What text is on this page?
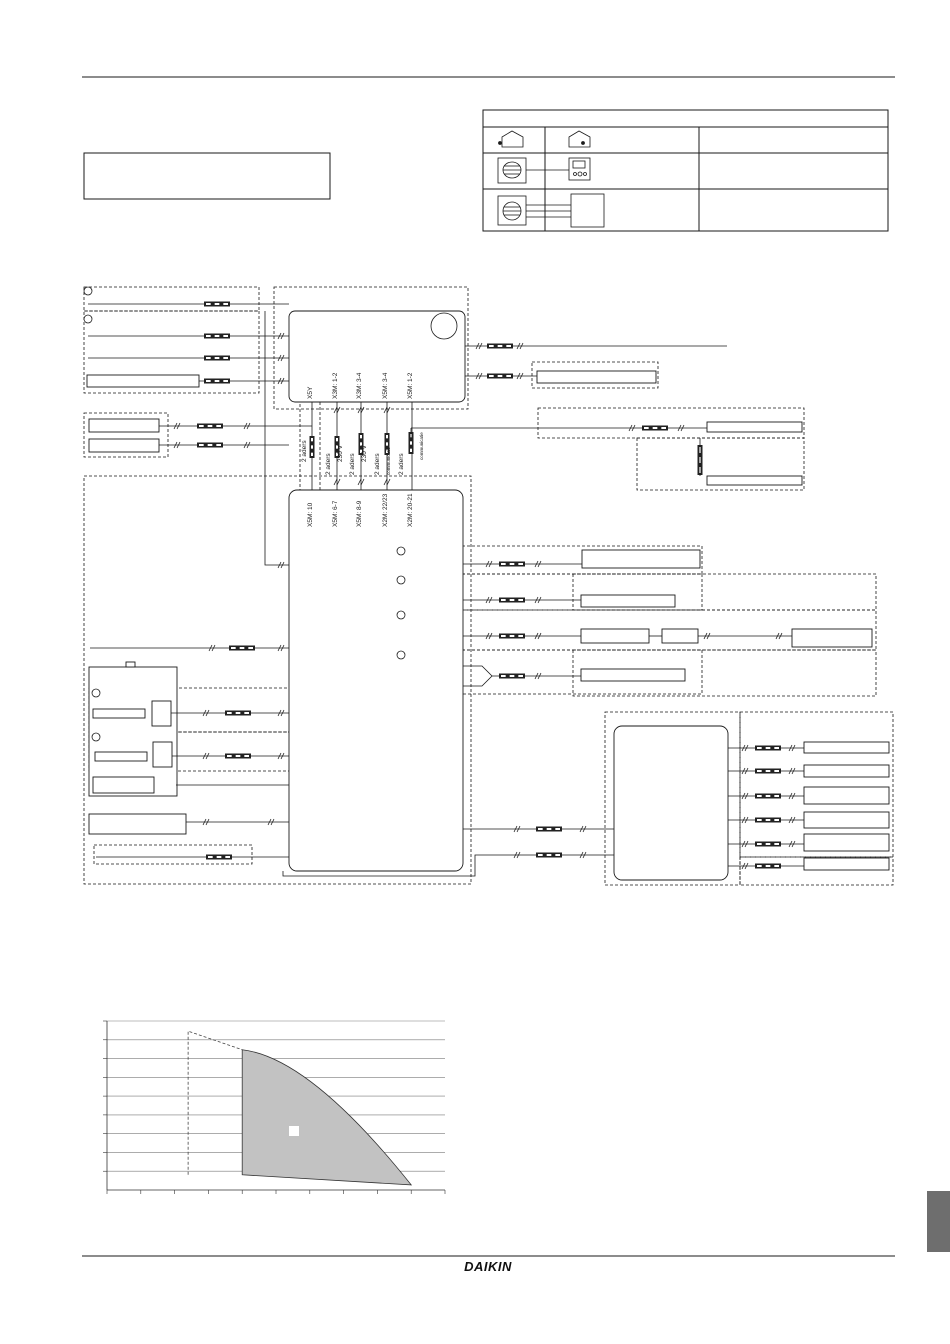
X5Y	X3M: 1-2	X3M: 3-4	X5M: 3-4	X5M: 1-2
2 aders
2 aders 230 V 2 aders 230 V 2 aders communicatie 2 aders
communicatie
X5M: 10	X5M: 6-7	X5M: 8-9	X2M: 22/23	X2M: 20-21
DAIKIN
